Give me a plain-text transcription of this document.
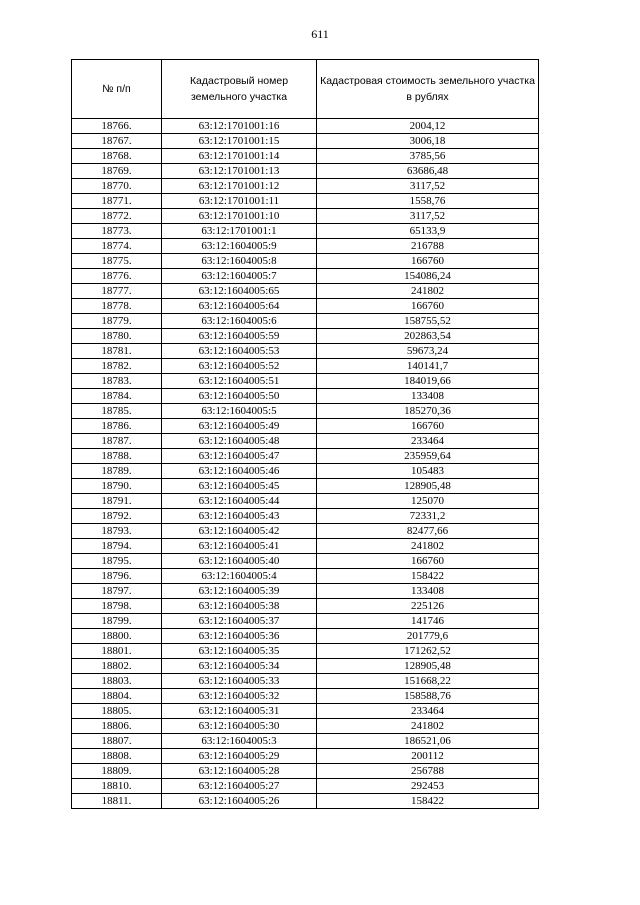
611
№ п/п	Кадастровый номер земельного участка	Кадастровая стоимость земельного участка в рублях
18766.	63:12:1701001:16	2004,12
18767.	63:12:1701001:15	3006,18
18768.	63:12:1701001:14	3785,56
18769.	63:12:1701001:13	63686,48
18770.	63:12:1701001:12	3117,52
18771.	63:12:1701001:11	1558,76
18772.	63:12:1701001:10	3117,52
18773.	63:12:1701001:1	65133,9
18774.	63:12:1604005:9	216788
18775.	63:12:1604005:8	166760
18776.	63:12:1604005:7	154086,24
18777.	63:12:1604005:65	241802
18778.	63:12:1604005:64	166760
18779.	63:12:1604005:6	158755,52
18780.	63:12:1604005:59	202863,54
18781.	63:12:1604005:53	59673,24
18782.	63:12:1604005:52	140141,7
18783.	63:12:1604005:51	184019,66
18784.	63:12:1604005:50	133408
18785.	63:12:1604005:5	185270,36
18786.	63:12:1604005:49	166760
18787.	63:12:1604005:48	233464
18788.	63:12:1604005:47	235959,64
18789.	63:12:1604005:46	105483
18790.	63:12:1604005:45	128905,48
18791.	63:12:1604005:44	125070
18792.	63:12:1604005:43	72331,2
18793.	63:12:1604005:42	82477,66
18794.	63:12:1604005:41	241802
18795.	63:12:1604005:40	166760
18796.	63:12:1604005:4	158422
18797.	63:12:1604005:39	133408
18798.	63:12:1604005:38	225126
18799.	63:12:1604005:37	141746
18800.	63:12:1604005:36	201779,6
18801.	63:12:1604005:35	171262,52
18802.	63:12:1604005:34	128905,48
18803.	63:12:1604005:33	151668,22
18804.	63:12:1604005:32	158588,76
18805.	63:12:1604005:31	233464
18806.	63:12:1604005:30	241802
18807.	63:12:1604005:3	186521,06
18808.	63:12:1604005:29	200112
18809.	63:12:1604005:28	256788
18810.	63:12:1604005:27	292453
18811.	63:12:1604005:26	158422
